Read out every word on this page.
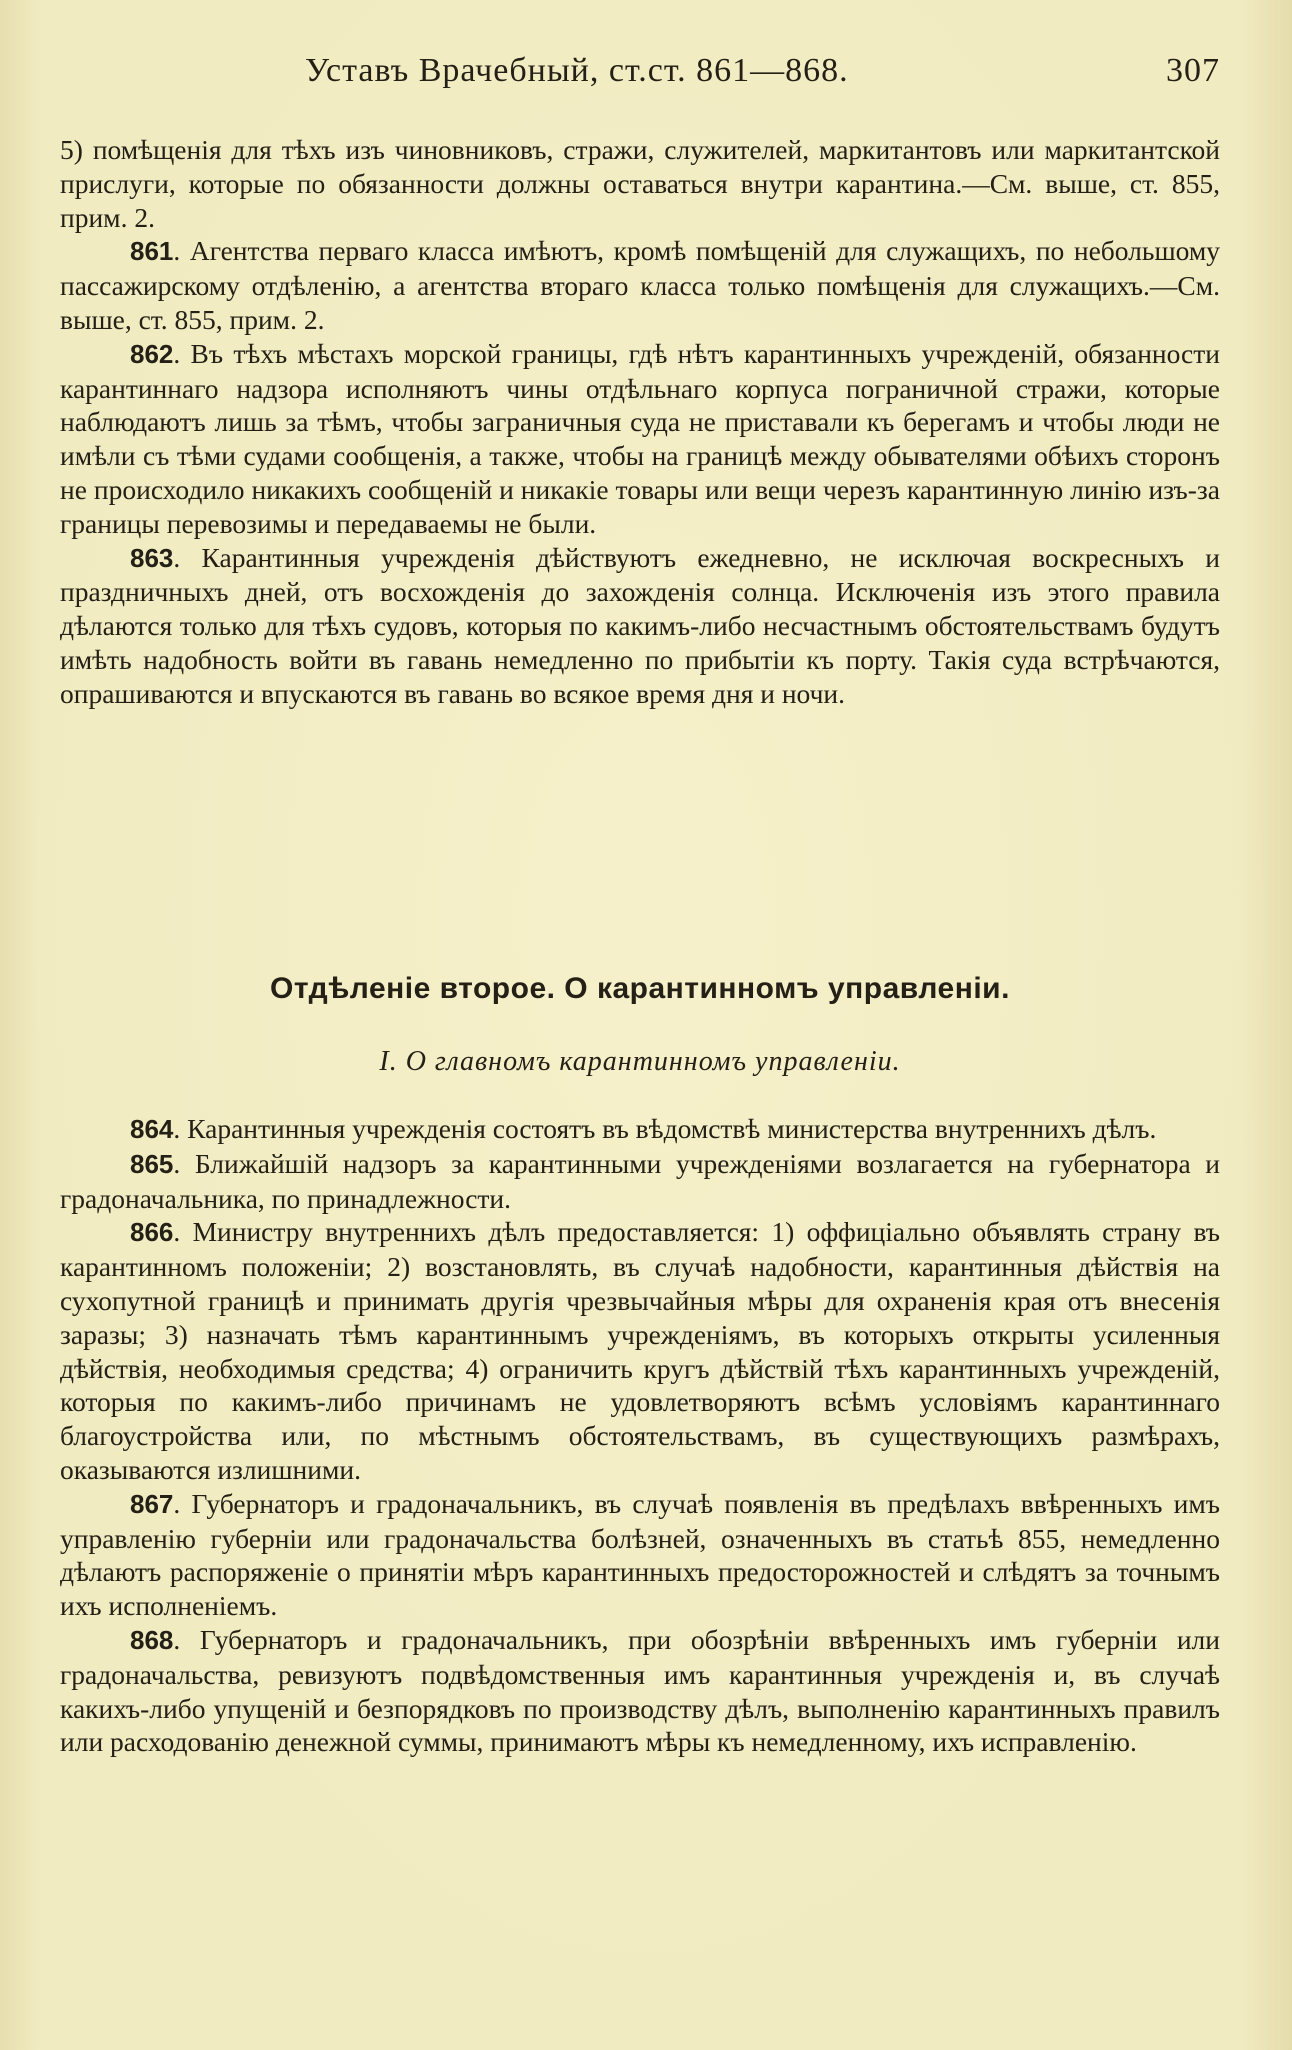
Уставъ Врачебный, ст.ст. 861—868.	307

5) помѣщенія для тѣхъ изъ чиновниковъ, стражи, служителей, маркитантовъ или маркитантской прислуги, которые по обязанности должны оставаться внутри карантина.—См. выше, ст. 855, прим. 2.

861. Агентства перваго класса имѣютъ, кромѣ помѣщеній для служащихъ, по небольшому пассажирскому отдѣленію, а агентства втораго класса только помѣщенія для служащихъ.—См. выше, ст. 855, прим. 2.

862. Въ тѣхъ мѣстахъ морской границы, гдѣ нѣтъ карантинныхъ учрежденій, обязанности карантиннаго надзора исполняютъ чины отдѣльнаго корпуса пограничной стражи, которые наблюдаютъ лишь за тѣмъ, чтобы заграничныя суда не приставали къ берегамъ и чтобы люди не имѣли съ тѣми судами сообщенія, а также, чтобы на границѣ между обывателями обѣихъ сторонъ не происходило никакихъ сообщеній и никакіе товары или вещи черезъ карантинную линію изъ-за границы перевозимы и передаваемы не были.

863. Карантинныя учрежденія дѣйствуютъ ежедневно, не исключая воскресныхъ и праздничныхъ дней, отъ восхожденія до захожденія солнца. Исключенія изъ этого правила дѣлаются только для тѣхъ судовъ, которыя по какимъ-либо несчастнымъ обстоятельствамъ будутъ имѣть надобность войти въ гавань немедленно по прибытіи къ порту. Такія суда встрѣчаются, опрашиваются и впускаются въ гавань во всякое время дня и ночи.

Отдѣленіе второе. О карантинномъ управленіи.
I. О главномъ карантинномъ управленіи.

864. Карантинныя учрежденія состоятъ въ вѣдомствѣ министерства внутреннихъ дѣлъ.

865. Ближайшій надзоръ за карантинными учрежденіями возлагается на губернатора и градоначальника, по принадлежности.

866. Министру внутреннихъ дѣлъ предоставляется: 1) оффиціально объявлять страну въ карантинномъ положеніи; 2) возстановлять, въ случаѣ надобности, карантинныя дѣйствія на сухопутной границѣ и принимать другія чрезвычайныя мѣры для охраненія края отъ внесенія заразы; 3) назначать тѣмъ карантиннымъ учрежденіямъ, въ которыхъ открыты усиленныя дѣйствія, необходимыя средства; 4) ограничить кругъ дѣйствій тѣхъ карантинныхъ учрежденій, которыя по какимъ-либо причинамъ не удовлетворяютъ всѣмъ условіямъ карантиннаго благоустройства или, по мѣстнымъ обстоятельствамъ, въ существующихъ размѣрахъ, оказываются излишними.

867. Губернаторъ и градоначальникъ, въ случаѣ появленія въ предѣлахъ ввѣренныхъ имъ управленію губерніи или градоначальства болѣзней, означенныхъ въ статьѣ 855, немедленно дѣлаютъ распоряженіе о принятіи мѣръ карантинныхъ предосторожностей и слѣдятъ за точнымъ ихъ исполненіемъ.

868. Губернаторъ и градоначальникъ, при обозрѣніи ввѣренныхъ имъ губерніи или градоначальства, ревизуютъ подвѣдомственныя имъ карантинныя учрежденія и, въ случаѣ какихъ-либо упущеній и безпорядковъ по производству дѣлъ, выполненію карантинныхъ правилъ или расходованію денежной суммы, принимаютъ мѣры къ немедленному, ихъ исправленію.
